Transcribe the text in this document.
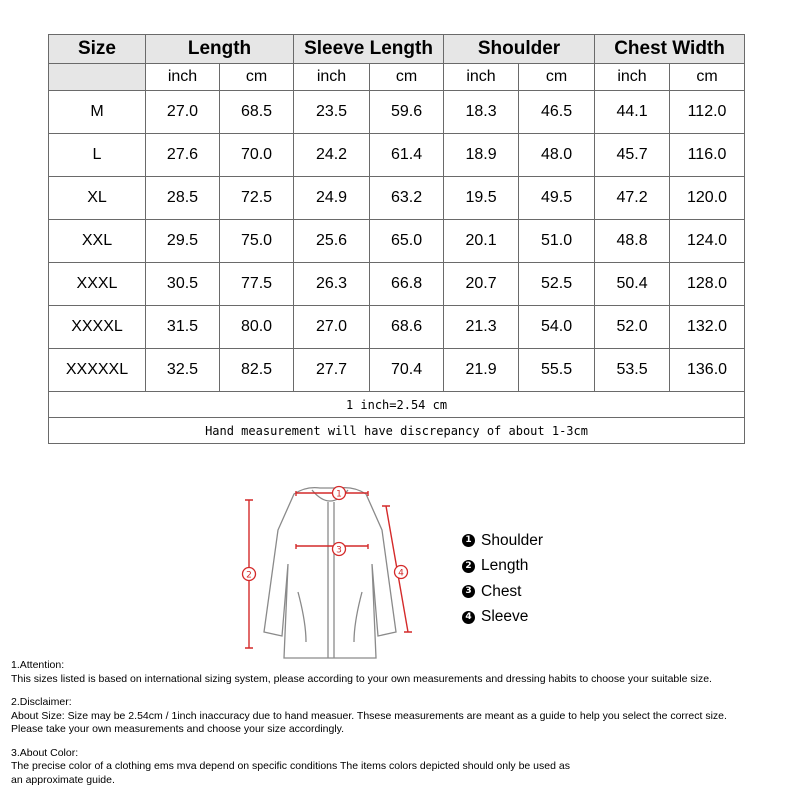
Size	Length		Sleeve Length		Shoulder		Chest Width	
	inch	cm	inch	cm	inch	cm	inch	cm
M	27.0	68.5	23.5	59.6	18.3	46.5	44.1	112.0
L	27.6	70.0	24.2	61.4	18.9	48.0	45.7	116.0
XL	28.5	72.5	24.9	63.2	19.5	49.5	47.2	120.0
XXL	29.5	75.0	25.6	65.0	20.1	51.0	48.8	124.0
XXXL	30.5	77.5	26.3	66.8	20.7	52.5	50.4	128.0
XXXXL	31.5	80.0	27.0	68.6	21.3	54.0	52.0	132.0
XXXXXL	32.5	82.5	27.7	70.4	21.9	55.5	53.5	136.0
1 inch=2.54 cm								
Hand measurement will have discrepancy of about 1-3cm								
1
2
3
4
1 Shoulder
2 Length
3 Chest
4 Sleeve

1.Attention:

This sizes listed is based on international sizing system, please according to your own measurements and dressing habits to choose your suitable size.

2.Disclaimer:

About Size: Size may be 2.54cm / 1inch inaccuracy due to hand measuer. Thsese measurements are meant as a guide to help you select the correct size.

Please take your own measurements and choose your size accordingly.

3.About Color:

The precise color of a clothing ems mva depend on specific conditions The items colors depicted should only be used as

an approximate guide.
